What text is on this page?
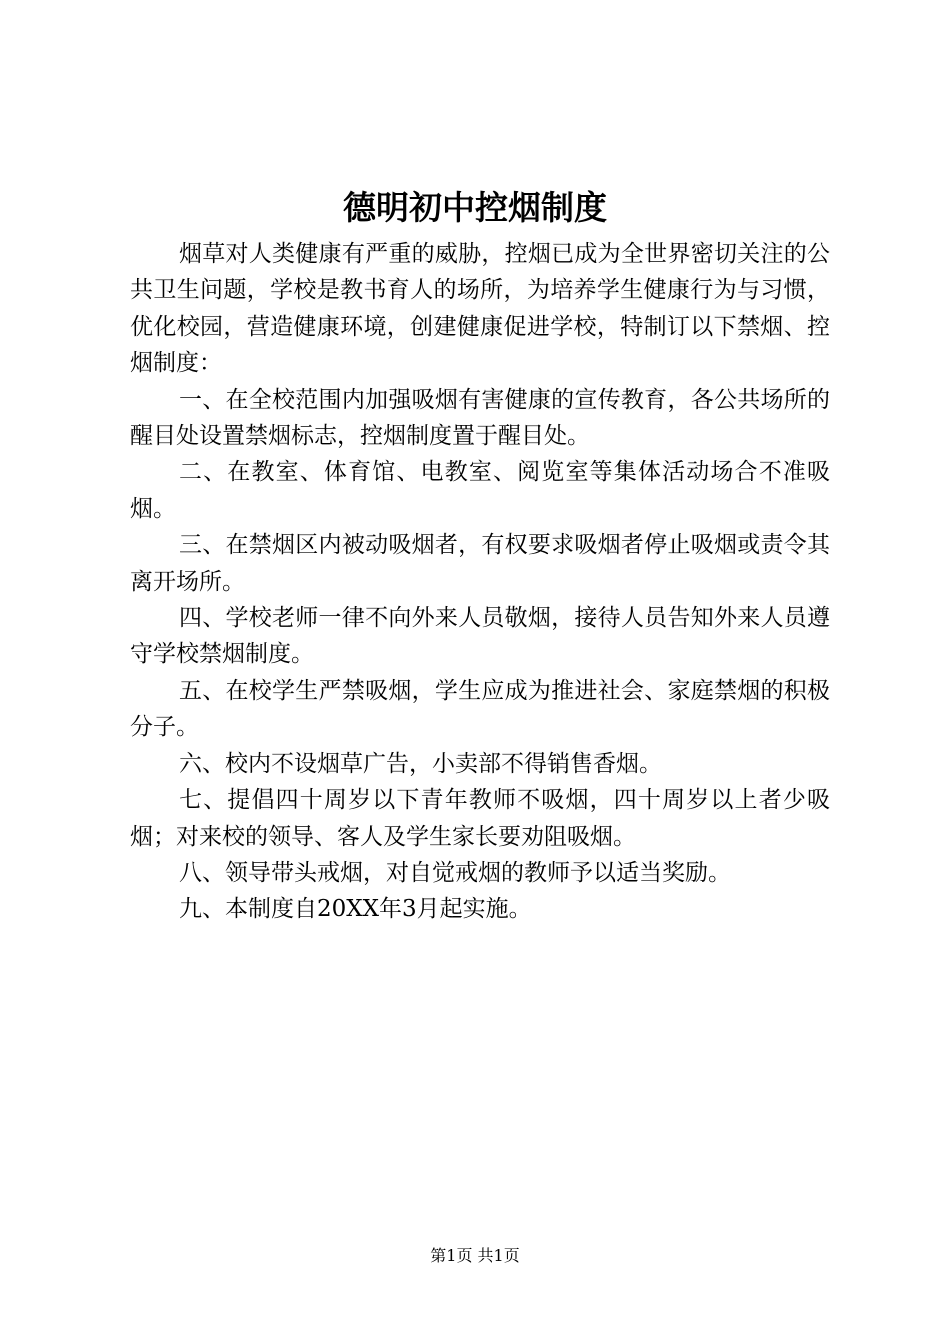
德明初中控烟制度

烟草对人类健康有严重的威胁，控烟已成为全世界密切关注的公共卫生问题，学校是教书育人的场所，为培养学生健康行为与习惯，优化校园，营造健康环境，创建健康促进学校，特制订以下禁烟、控烟制度：

一、在全校范围内加强吸烟有害健康的宣传教育，各公共场所的醒目处设置禁烟标志，控烟制度置于醒目处。

二、在教室、体育馆、电教室、阅览室等集体活动场合不准吸烟。

三、在禁烟区内被动吸烟者，有权要求吸烟者停止吸烟或责令其离开场所。

四、学校老师一律不向外来人员敬烟，接待人员告知外来人员遵守学校禁烟制度。

五、在校学生严禁吸烟，学生应成为推进社会、家庭禁烟的积极分子。

六、校内不设烟草广告，小卖部不得销售香烟。

七、提倡四十周岁以下青年教师不吸烟，四十周岁以上者少吸烟；对来校的领导、客人及学生家长要劝阻吸烟。

八、领导带头戒烟，对自觉戒烟的教师予以适当奖励。

九、本制度自20XX年3月起实施。

第1页 共1页
